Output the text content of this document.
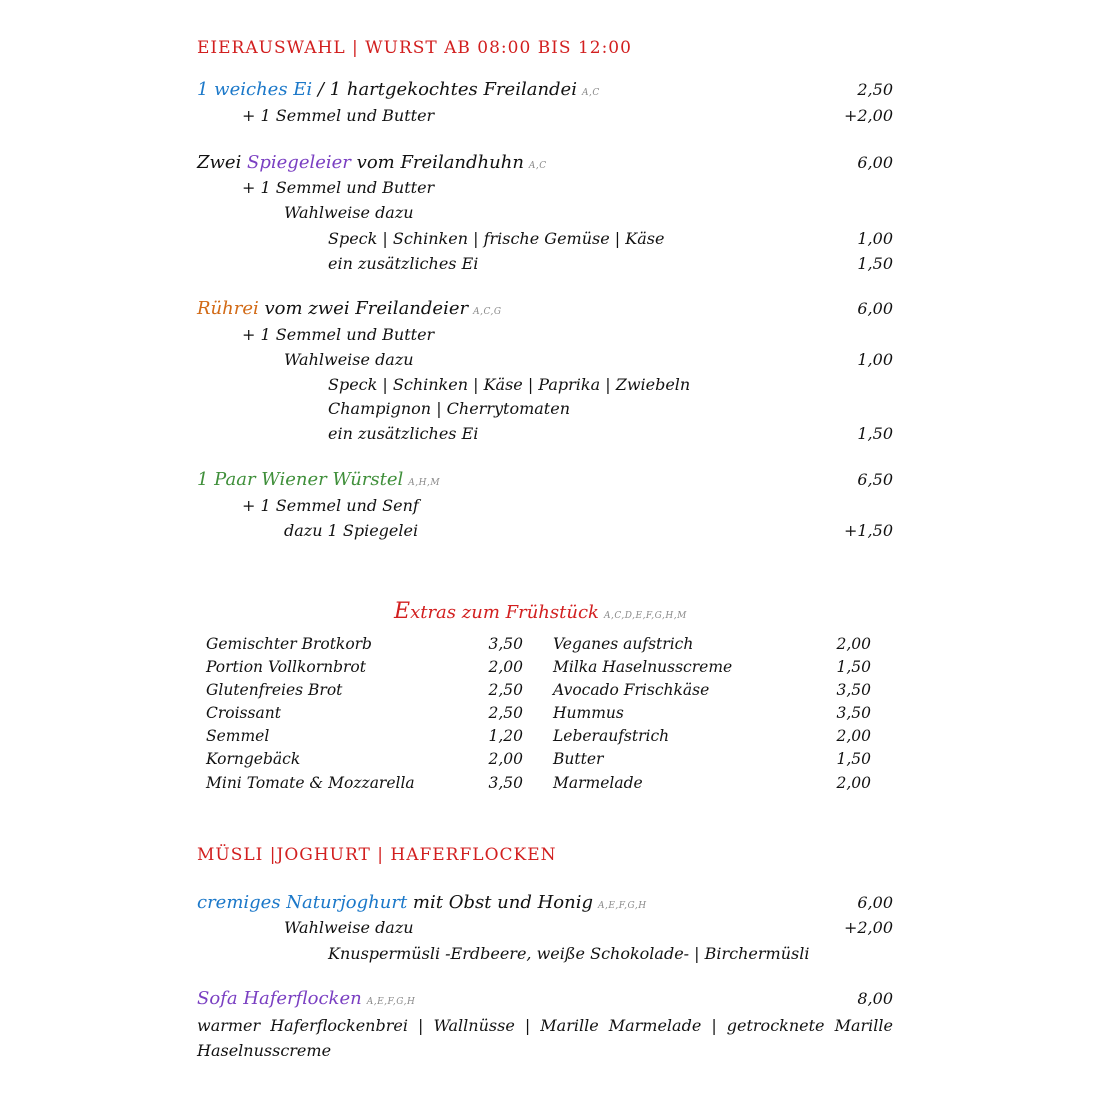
EIERAUSWAHL | WURST AB 08:00 BIS 12:00
1 weiches Ei / 1 hartgekochtes Freilandei A,C	2,50
+ 1 Semmel und Butter	+2,00
Zwei Spiegeleier vom Freilandhuhn A,C	6,00
+ 1 Semmel und Butter
Wahlweise dazu
Speck | Schinken | frische Gemüse | Käse	1,00
ein zusätzliches Ei	1,50
Rührei vom zwei Freilandeier A,C,G	6,00
+ 1 Semmel und Butter
Wahlweise dazu	1,00
Speck | Schinken | Käse | Paprika | Zwiebeln
Champignon | Cherrytomaten
ein zusätzliches Ei	1,50
1 Paar Wiener Würstel A,H,M	6,50
+ 1 Semmel und Senf
dazu 1 Spiegelei	+1,50
Extras zum Frühstück A,C,D,E,F,G,H,M
Gemischter Brotkorb	3,50
Portion Vollkornbrot	2,00
Glutenfreies Brot	2,50
Croissant	2,50
Semmel	1,20
Korngebäck	2,00
Mini Tomate & Mozzarella	3,50
Veganes aufstrich	2,00
Milka Haselnusscreme	1,50
Avocado Frischkäse	3,50
Hummus	3,50
Leberaufstrich	2,00
Butter	1,50
Marmelade	2,00
MÜSLI |JOGHURT | HAFERFLOCKEN
cremiges Naturjoghurt mit Obst und Honig A,E,F,G,H	6,00
Wahlweise dazu	+2,00
Knuspermüsli -Erdbeere, weiße Schokolade- | Birchermüsli
Sofa Haferflocken A,E,F,G,H	8,00
warmer Haferflockenbrei | Wallnüsse | Marille Marmelade | getrocknete Marille
Haselnusscreme
